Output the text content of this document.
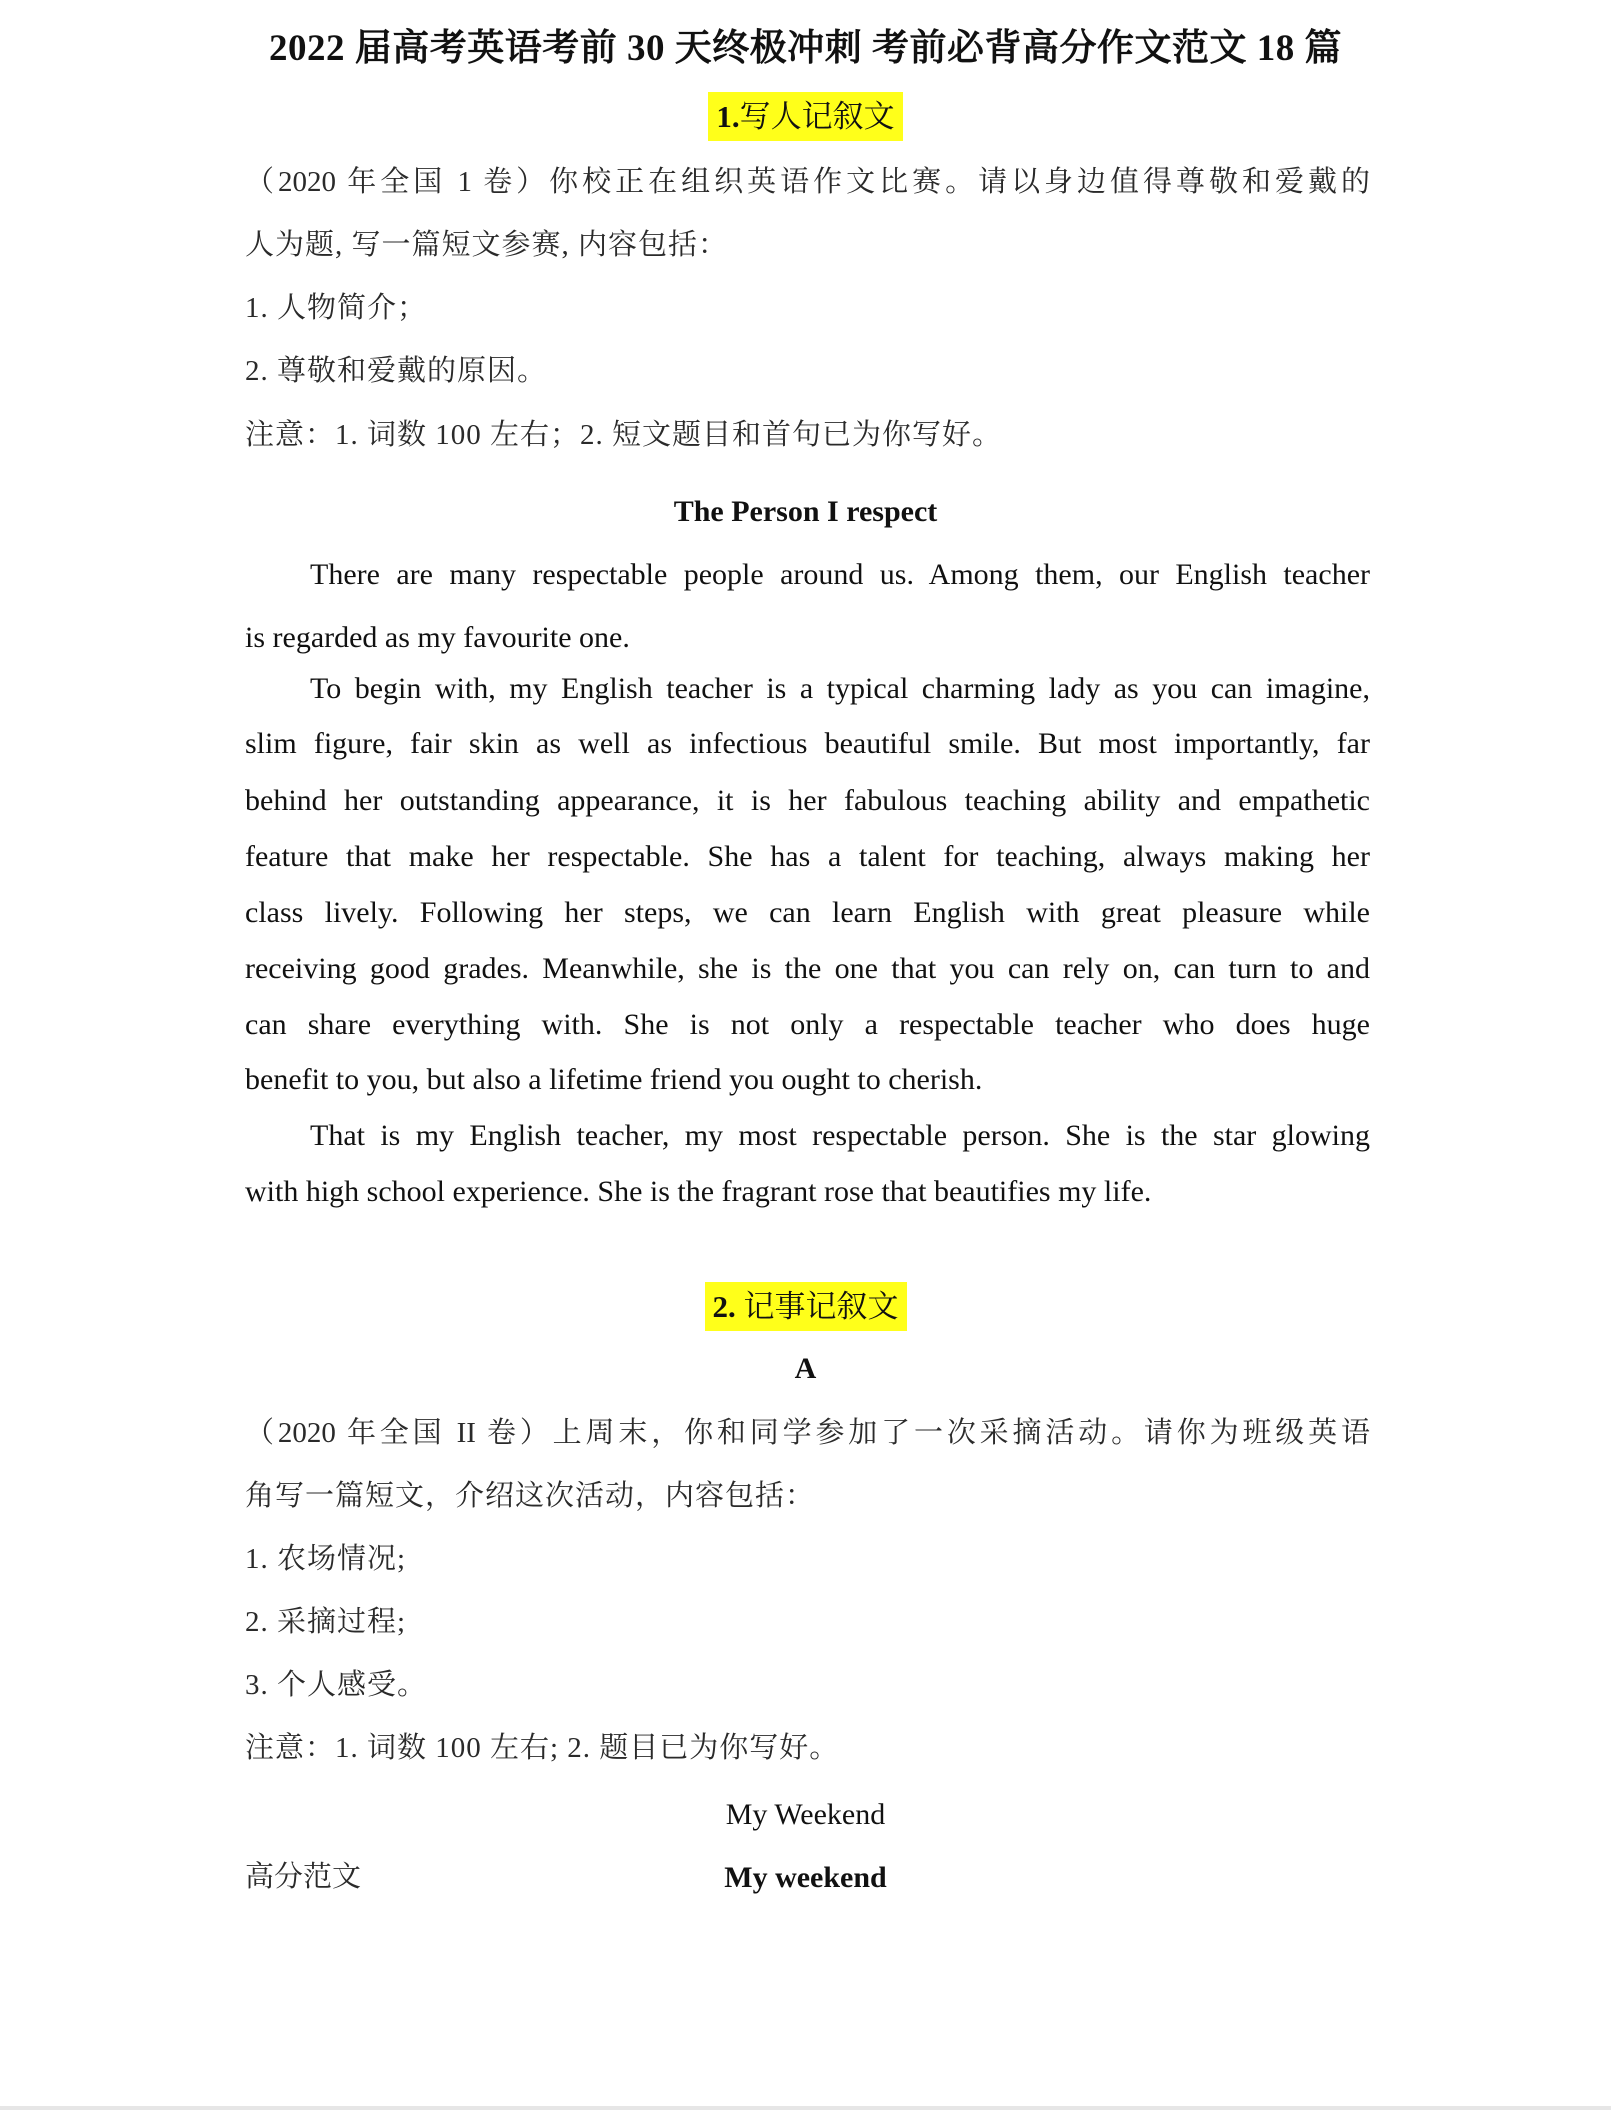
2022 届高考英语考前 30 天终极冲刺 考前必背高分作文范文 18 篇
1.写人记叙文
（2020 年全国 1 卷）你校正在组织英语作文比赛。请以身边值得尊敬和爱戴的
人为题, 写一篇短文参赛, 内容包括：
1. 人物简介；
2. 尊敬和爱戴的原因。
注意：1. 词数 100 左右；2. 短文题目和首句已为你写好。
The Person I respect
There are many respectable people around us. Among them, our English teacher
is regarded as my favourite one.
To begin with, my English teacher is a typical charming lady as you can imagine,
slim figure, fair skin as well as infectious beautiful smile. But most importantly, far
behind her outstanding appearance, it is her fabulous teaching ability and empathetic
feature that make her respectable. She has a talent for teaching, always making her
class lively. Following her steps, we can learn English with great pleasure while
receiving good grades. Meanwhile, she is the one that you can rely on, can turn to and
can share everything with. She is not only a respectable teacher who does huge
benefit to you, but also a lifetime friend you ought to cherish.
That is my English teacher, my most respectable person. She is the star glowing
with high school experience. She is the fragrant rose that beautifies my life.
2. 记事记叙文
A
（2020 年全国 II 卷）上周末，你和同学参加了一次采摘活动。请你为班级英语
角写一篇短文，介绍这次活动，内容包括：
1. 农场情况;
2. 采摘过程;
3. 个人感受。
注意：1. 词数 100 左右; 2. 题目已为你写好。
My Weekend
高分范文	My weekend
